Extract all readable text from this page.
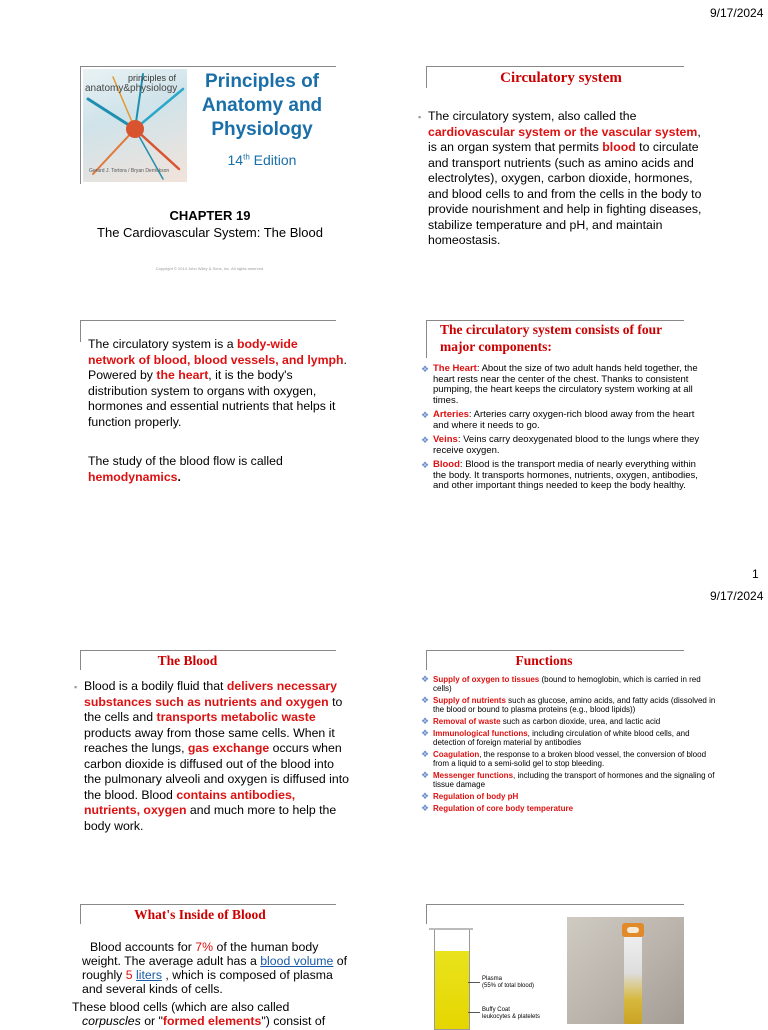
9/17/2024
principles of
anatomy&physiology
Gerard J. Tortora / Bryan Derrickson
Principles of
Anatomy and
Physiology
14th Edition
CHAPTER 19
The Cardiovascular System: The Blood
Copyright © 2014 John Wiley & Sons, Inc. All rights reserved.
Circulatory system
▪ The circulatory system, also called the cardiovascular system or the vascular system, is an organ system that permits blood to circulate and transport nutrients (such as amino acids and electrolytes), oxygen, carbon dioxide, hormones, and blood cells to and from the cells in the body to provide nourishment and help in fighting diseases, stabilize temperature and pH, and maintain homeostasis.
The circulatory system is a body-wide network of blood, blood vessels, and lymph. Powered by the heart, it is the body's distribution system to organs with oxygen, hormones and essential nutrients that helps it function properly.
The study of the blood flow is called hemodynamics.
The circulatory system consists of four
major components:
❖ The Heart: About the size of two adult hands held together, the heart rests near the center of the chest. Thanks to consistent pumping, the heart keeps the circulatory system working at all times.
❖ Arteries: Arteries carry oxygen-rich blood away from the heart and where it needs to go.
❖ Veins: Veins carry deoxygenated blood to the lungs where they receive oxygen.
❖ Blood: Blood is the transport media of nearly everything within the body. It transports hormones, nutrients, oxygen, antibodies, and other important things needed to keep the body healthy.
1
9/17/2024
The Blood
▪ Blood is a bodily fluid that delivers necessary substances such as nutrients and oxygen to the cells and transports metabolic waste products away from those same cells. When it reaches the lungs, gas exchange occurs when carbon dioxide is diffused out of the blood into the pulmonary alveoli and oxygen is diffused into the blood. Blood contains antibodies, nutrients, oxygen and much more to help the body work.
Functions
❖ Supply of oxygen to tissues (bound to hemoglobin, which is carried in red cells)
❖ Supply of nutrients such as glucose, amino acids, and fatty acids (dissolved in the blood or bound to plasma proteins (e.g., blood lipids))
❖ Removal of waste such as carbon dioxide, urea, and lactic acid
❖ Immunological functions, including circulation of white blood cells, and detection of foreign material by antibodies
❖ Coagulation, the response to a broken blood vessel, the conversion of blood from a liquid to a semi-solid gel to stop bleeding.
❖ Messenger functions, including the transport of hormones and the signaling of tissue damage
❖ Regulation of body pH
❖ Regulation of core body temperature
What's Inside of Blood
Blood accounts for 7% of the human body weight. The average adult has a blood volume of roughly 5 liters , which is composed of plasma and several kinds of cells.
These blood cells (which are also called
corpuscles or "formed elements") consist of
Plasma
(55% of total blood)
Buffy Coat
leukocytes & platelets
